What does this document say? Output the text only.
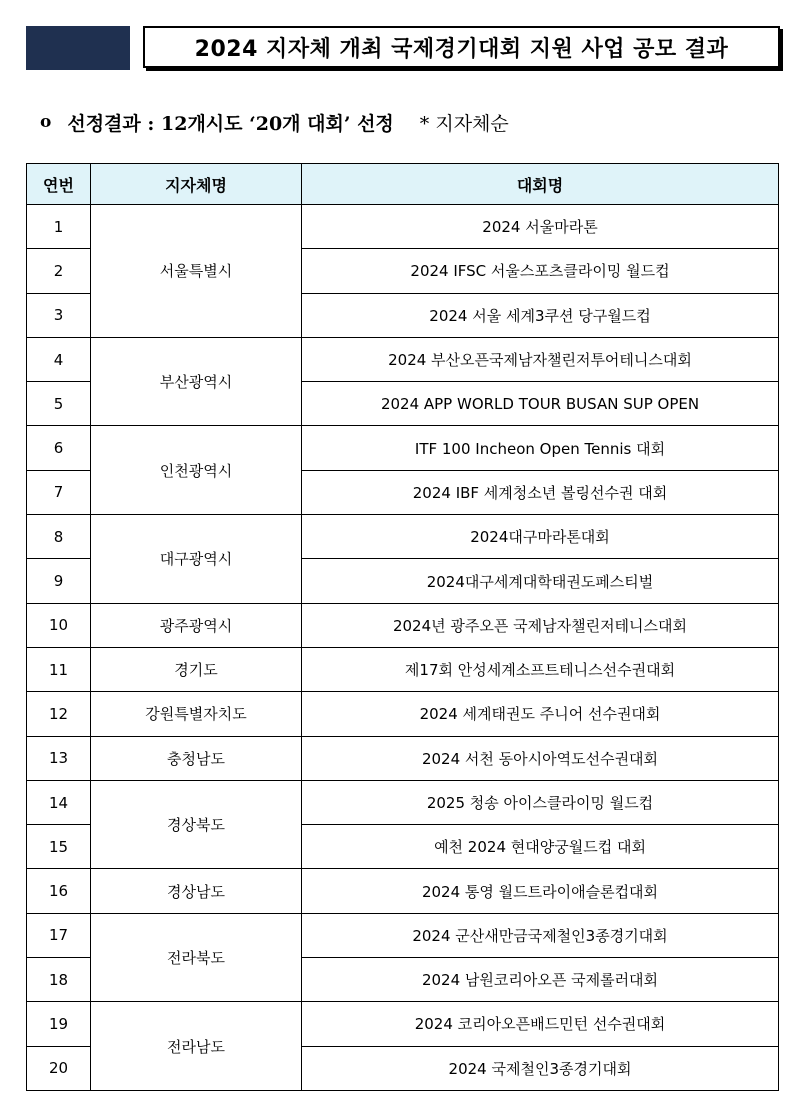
2024 지자체 개최 국제경기대회 지원 사업 공모 결과
o 선정결과 : 12개시도 ‘20개 대회’ 선정 * 지자체순
연번	지자체명	대회명
1	서울특별시	2024 서울마라톤
2		2024 IFSC 서울스포츠클라이밍 월드컵
3		2024 서울 세계3쿠션 당구월드컵
4	부산광역시	2024 부산오픈국제남자챌린저투어테니스대회
5		2024 APP WORLD TOUR BUSAN SUP OPEN
6	인천광역시	ITF 100 Incheon Open Tennis 대회
7		2024 IBF 세계청소년 볼링선수권 대회
8	대구광역시	2024대구마라톤대회
9		2024대구세계대학태권도페스티벌
10	광주광역시	2024년 광주오픈 국제남자챌린저테니스대회
11	경기도	제17회 안성세계소프트테니스선수권대회
12	강원특별자치도	2024 세계태권도 주니어 선수권대회
13	충청남도	2024 서천 동아시아역도선수권대회
14	경상북도	2025 청송 아이스클라이밍 월드컵
15		예천 2024 현대양궁월드컵 대회
16	경상남도	2024 통영 월드트라이애슬론컵대회
17	전라북도	2024 군산새만금국제철인3종경기대회
18		2024 남원코리아오픈 국제롤러대회
19	전라남도	2024 코리아오픈배드민턴 선수권대회
20		2024 국제철인3종경기대회
